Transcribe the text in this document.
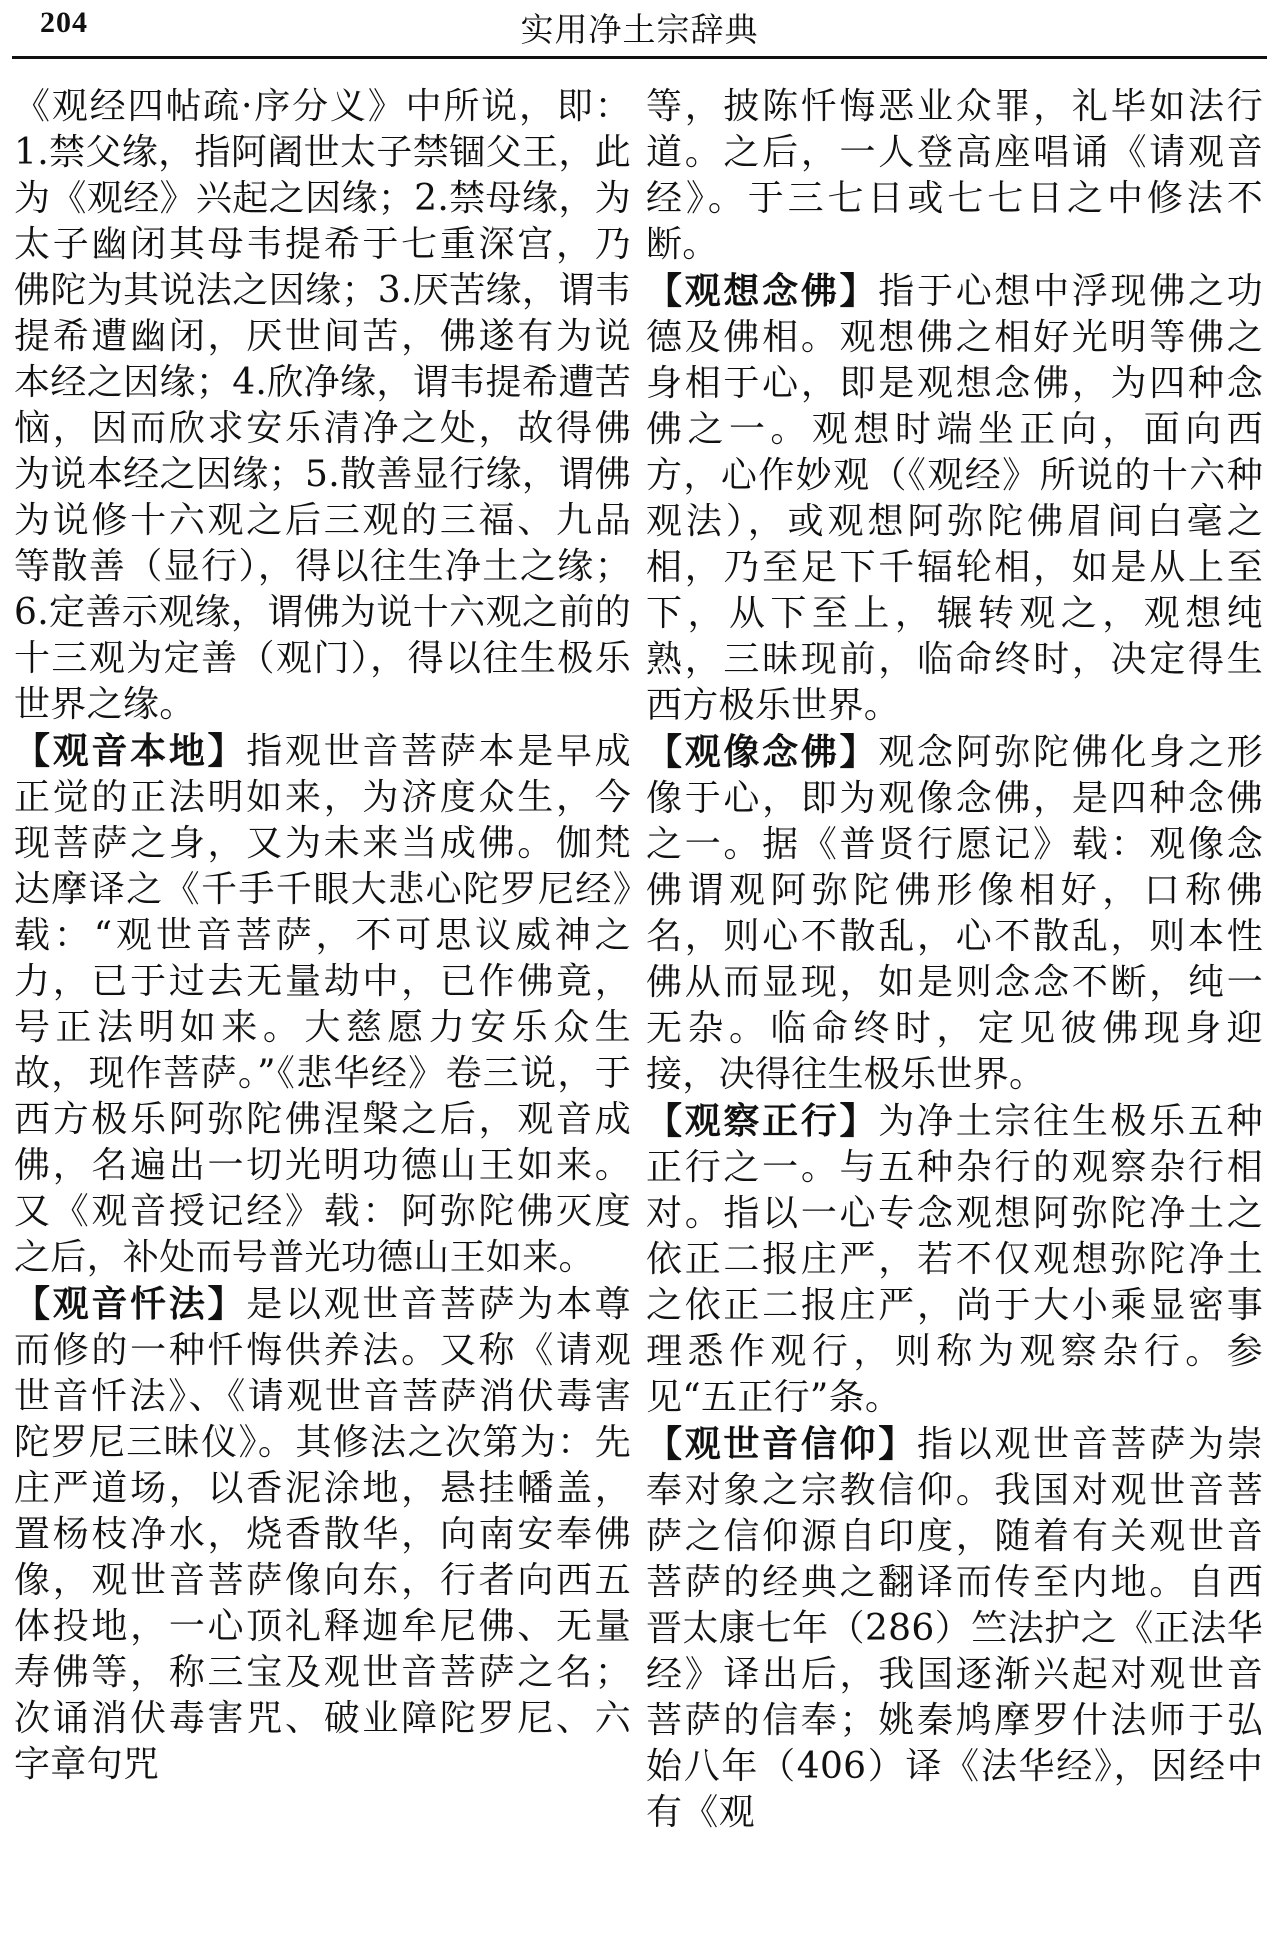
204	实用净土宗辞典

《观经四帖疏·序分义》中所说，即：1.禁父缘，指阿阇世太子禁锢父王，此为《观经》兴起之因缘；2.禁母缘，为太子幽闭其母韦提希于七重深宫，乃佛陀为其说法之因缘；3.厌苦缘，谓韦提希遭幽闭，厌世间苦，佛遂有为说本经之因缘；4.欣净缘，谓韦提希遭苦恼，因而欣求安乐清净之处，故得佛为说本经之因缘；5.散善显行缘，谓佛为说修十六观之后三观的三福、九品等散善（显行），得以往生净土之缘；6.定善示观缘，谓佛为说十六观之前的十三观为定善（观门），得以往生极乐世界之缘。

【观音本地】指观世音菩萨本是早成正觉的正法明如来，为济度众生，今现菩萨之身，又为未来当成佛。伽梵达摩译之《千手千眼大悲心陀罗尼经》载：“观世音菩萨，不可思议威神之力，已于过去无量劫中，已作佛竟，号正法明如来。大慈愿力安乐众生故，现作菩萨。”《悲华经》卷三说，于西方极乐阿弥陀佛涅槃之后，观音成佛，名遍出一切光明功德山王如来。又《观音授记经》载：阿弥陀佛灭度之后，补处而号普光功德山王如来。

【观音忏法】是以观世音菩萨为本尊而修的一种忏悔供养法。又称《请观世音忏法》、《请观世音菩萨消伏毒害陀罗尼三昧仪》。其修法之次第为：先庄严道场，以香泥涂地，悬挂幡盖，置杨枝净水，烧香散华，向南安奉佛像，观世音菩萨像向东，行者向西五体投地，一心顶礼释迦牟尼佛、无量寿佛等，称三宝及观世音菩萨之名；次诵消伏毒害咒、破业障陀罗尼、六字章句咒

等，披陈忏悔恶业众罪，礼毕如法行道。之后，一人登高座唱诵《请观音经》。于三七日或七七日之中修法不断。

【观想念佛】指于心想中浮现佛之功德及佛相。观想佛之相好光明等佛之身相于心，即是观想念佛，为四种念佛之一。观想时端坐正向，面向西方，心作妙观（《观经》所说的十六种观法），或观想阿弥陀佛眉间白毫之相，乃至足下千辐轮相，如是从上至下，从下至上，辗转观之，观想纯熟，三昧现前，临命终时，决定得生西方极乐世界。

【观像念佛】观念阿弥陀佛化身之形像于心，即为观像念佛，是四种念佛之一。据《普贤行愿记》载：观像念佛谓观阿弥陀佛形像相好，口称佛名，则心不散乱，心不散乱，则本性佛从而显现，如是则念念不断，纯一无杂。临命终时，定见彼佛现身迎接，决得往生极乐世界。

【观察正行】为净土宗往生极乐五种正行之一。与五种杂行的观察杂行相对。指以一心专念观想阿弥陀净土之依正二报庄严，若不仅观想弥陀净土之依正二报庄严，尚于大小乘显密事理悉作观行，则称为观察杂行。参见“五正行”条。

【观世音信仰】指以观世音菩萨为崇奉对象之宗教信仰。我国对观世音菩萨之信仰源自印度，随着有关观世音菩萨的经典之翻译而传至内地。自西晋太康七年（286）竺法护之《正法华经》译出后，我国逐渐兴起对观世音菩萨的信奉；姚秦鸠摩罗什法师于弘始八年（406）译《法华经》，因经中有《观
